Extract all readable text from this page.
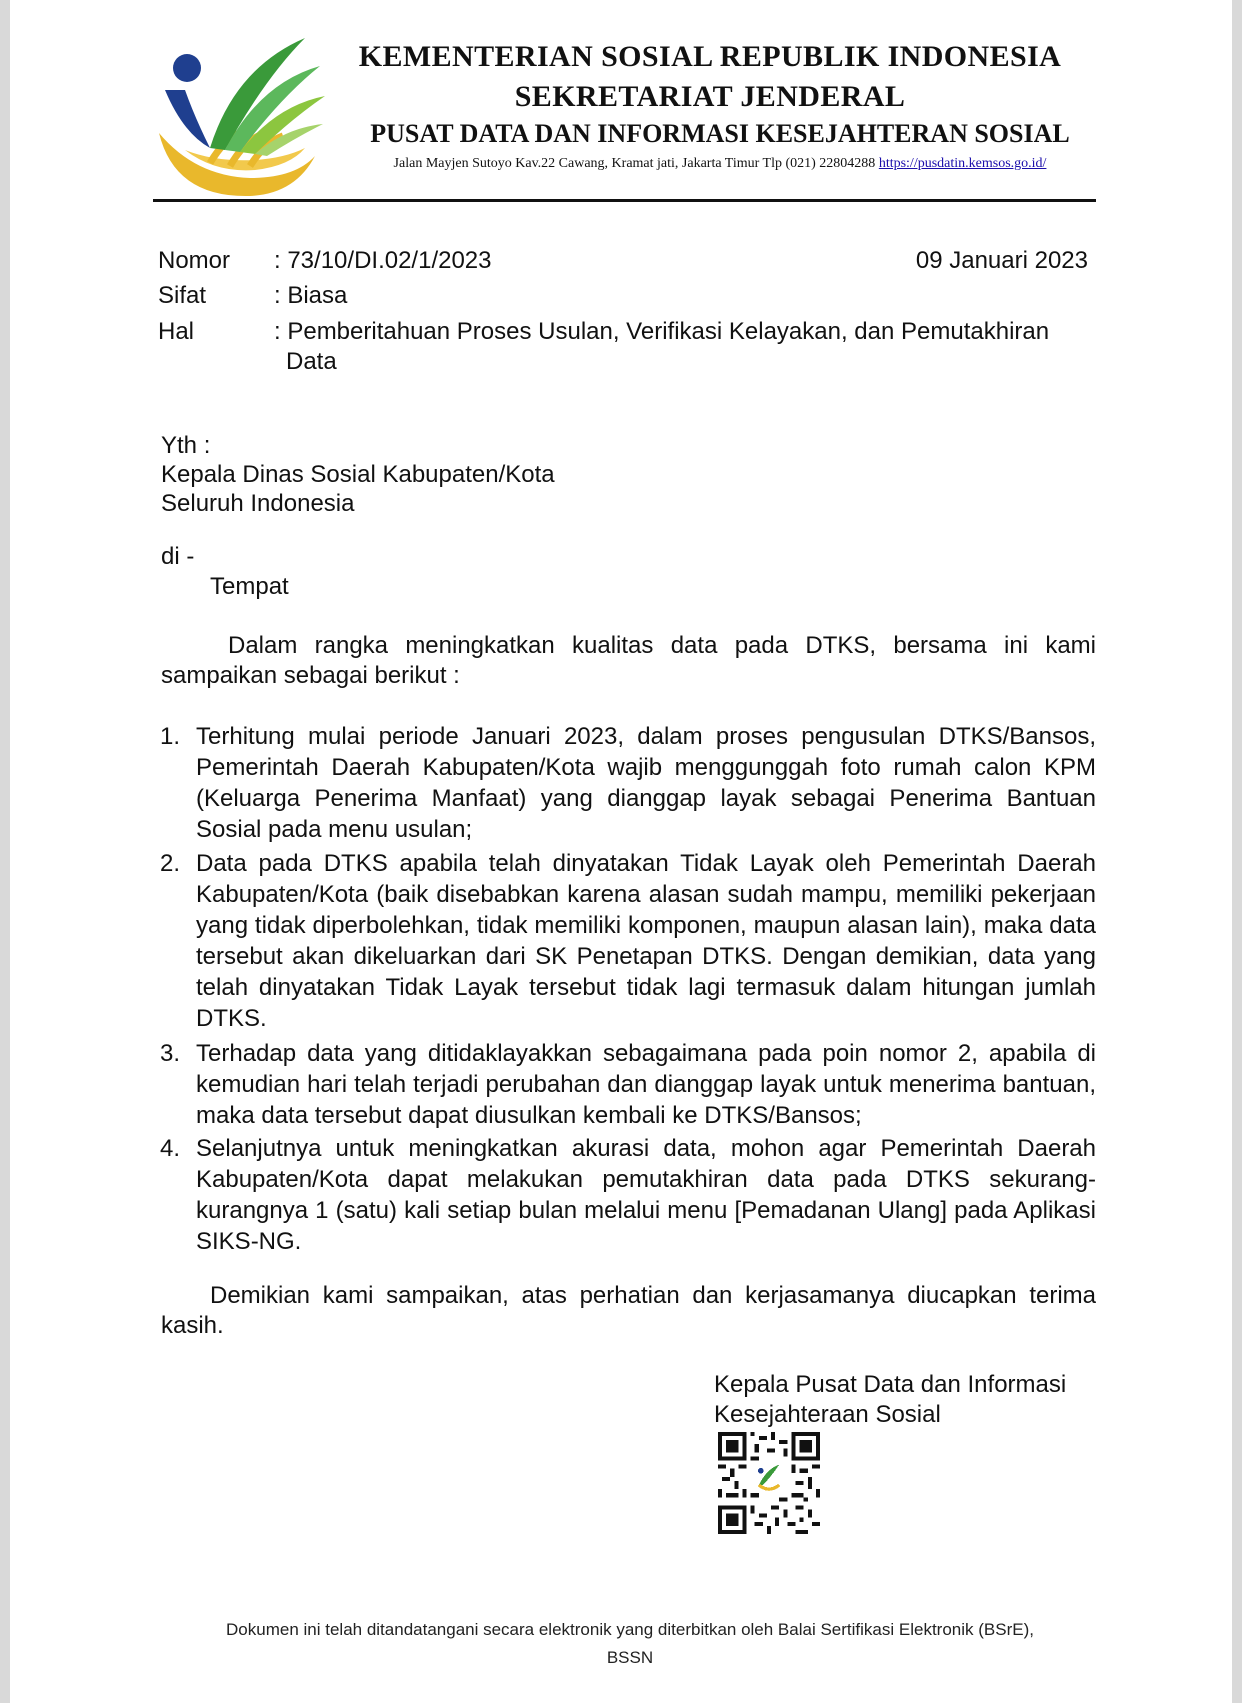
KEMENTERIAN SOSIAL REPUBLIK INDONESIA
SEKRETARIAT JENDERAL
PUSAT DATA DAN INFORMASI KESEJAHTERAN SOSIAL
Jalan Mayjen Sutoyo Kav.22 Cawang, Kramat jati, Jakarta Timur Tlp (021) 22804288 https://pusdatin.kemsos.go.id/
Nomor : 73/10/DI.02/1/2023	09 Januari 2023
Sifat	: Biasa
Hal	: Pemberitahuan Proses Usulan, Verifikasi Kelayakan, dan Pemutakhiran
Data
Yth :
Kepala Dinas Sosial Kabupaten/Kota
Seluruh Indonesia
di -
Tempat
Dalam rangka meningkatkan kualitas data pada DTKS, bersama ini kami sampaikan sebagai berikut :
1. Terhitung mulai periode Januari 2023, dalam proses pengusulan DTKS/Bansos, Pemerintah Daerah Kabupaten/Kota wajib menggunggah foto rumah calon KPM (Keluarga Penerima Manfaat) yang dianggap layak sebagai Penerima Bantuan Sosial pada menu usulan;
2. Data pada DTKS apabila telah dinyatakan Tidak Layak oleh Pemerintah Daerah Kabupaten/Kota (baik disebabkan karena alasan sudah mampu, memiliki pekerjaan yang tidak diperbolehkan, tidak memiliki komponen, maupun alasan lain), maka data tersebut akan dikeluarkan dari SK Penetapan DTKS. Dengan demikian, data yang telah dinyatakan Tidak Layak tersebut tidak lagi termasuk dalam hitungan jumlah DTKS.
3. Terhadap data yang ditidaklayakkan sebagaimana pada poin nomor 2, apabila di kemudian hari telah terjadi perubahan dan dianggap layak untuk menerima bantuan, maka data tersebut dapat diusulkan kembali ke DTKS/Bansos;
4. Selanjutnya untuk meningkatkan akurasi data, mohon agar Pemerintah Daerah Kabupaten/Kota dapat melakukan pemutakhiran data pada DTKS sekurang-kurangnya 1 (satu) kali setiap bulan melalui menu [Pemadanan Ulang] pada Aplikasi SIKS-NG.
Demikian kami sampaikan, atas perhatian dan kerjasamanya diucapkan terima kasih.
Kepala Pusat Data dan Informasi
Kesejahteraan Sosial
Dokumen ini telah ditandatangani secara elektronik yang diterbitkan oleh Balai Sertifikasi Elektronik (BSrE),
BSSN
